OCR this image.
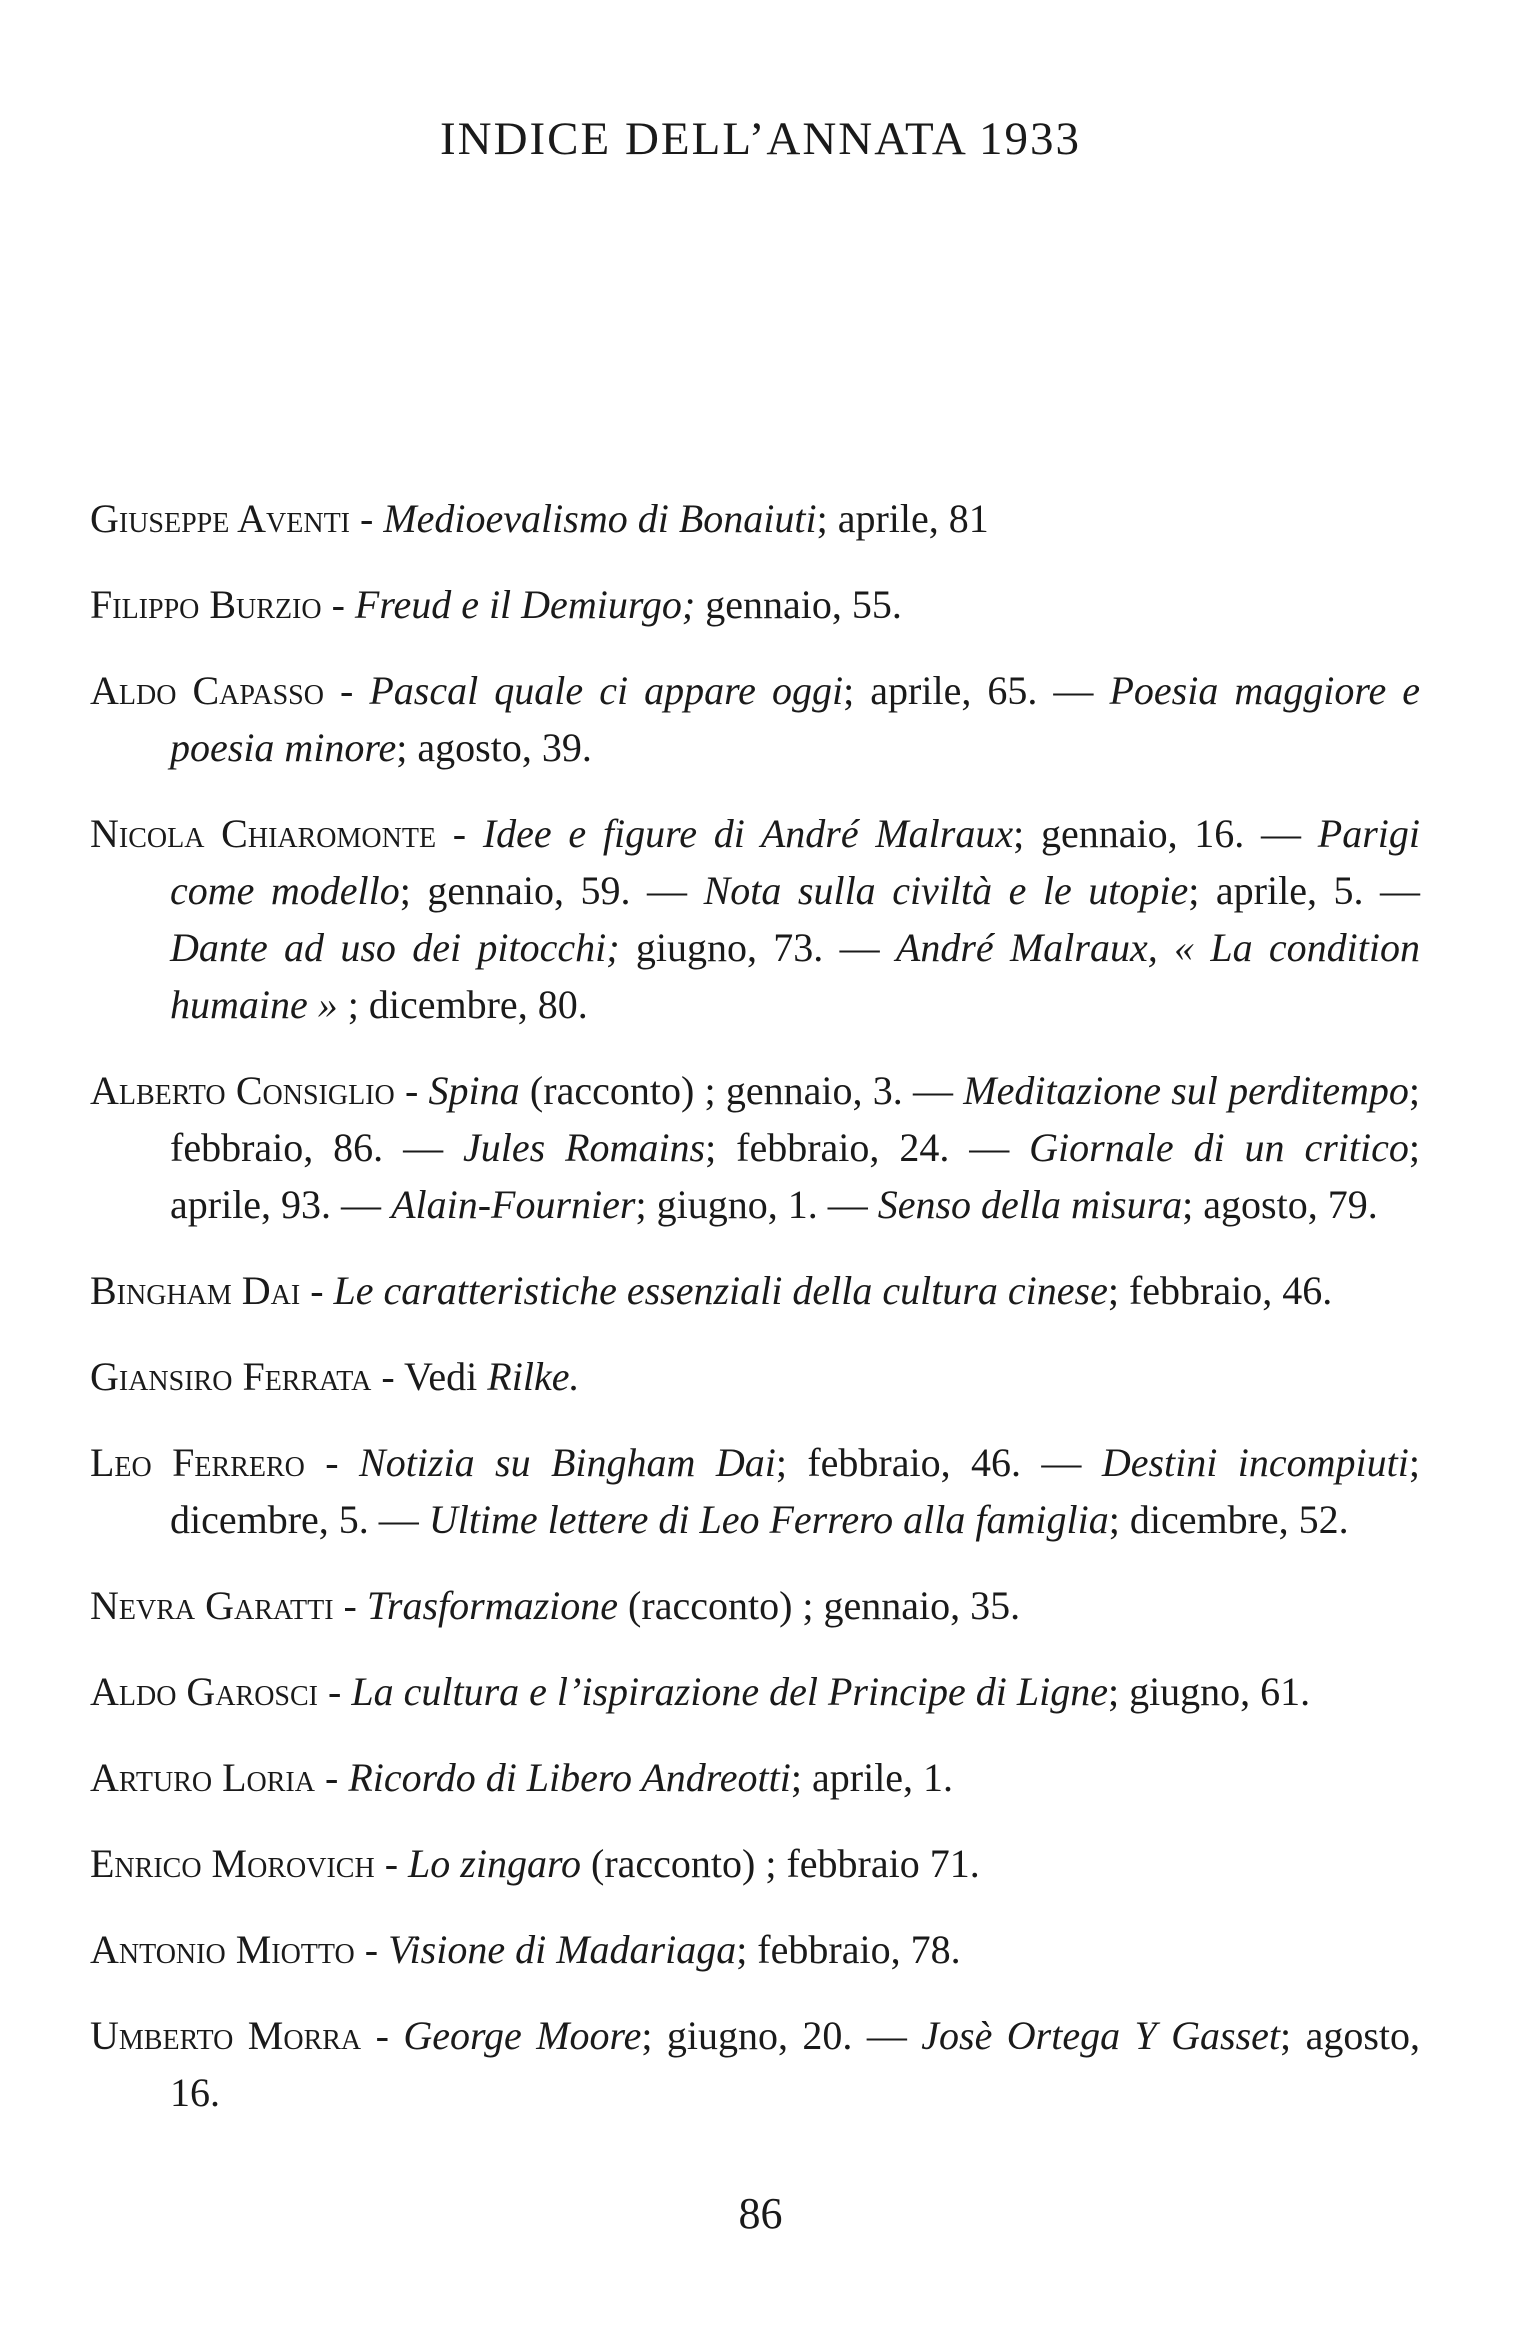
INDICE DELL’ANNATA 1933

Giuseppe Aventi - Medioevalismo di Bonaiuti; aprile, 81

Filippo Burzio - Freud e il Demiurgo; gennaio, 55.

Aldo Capasso - Pascal quale ci appare oggi; aprile, 65. — Poesia maggiore e poesia minore; agosto, 39.

Nicola Chiaromonte - Idee e figure di André Malraux; gennaio, 16. — Parigi come modello; gennaio, 59. — Nota sulla civiltà e le utopie; aprile, 5. — Dante ad uso dei pitocchi; giugno, 73. — André Malraux, « La condition humaine » ; dicembre, 80.

Alberto Consiglio - Spina (racconto) ; gennaio, 3. — Meditazione sul perditempo; febbraio, 86. — Jules Romains; febbraio, 24. — Giornale di un critico; aprile, 93. — Alain-Fournier; giugno, 1. — Senso della misura; agosto, 79.

Bingham Dai - Le caratteristiche essenziali della cultura cinese; febbraio, 46.

Giansiro Ferrata - Vedi Rilke.

Leo Ferrero - Notizia su Bingham Dai; febbraio, 46. — Destini incompiuti; dicembre, 5. — Ultime lettere di Leo Ferrero alla famiglia; dicembre, 52.

Nevra Garatti - Trasformazione (racconto) ; gennaio, 35.

Aldo Garosci - La cultura e l’ispirazione del Principe di Ligne; giugno, 61.

Arturo Loria - Ricordo di Libero Andreotti; aprile, 1.

Enrico Morovich - Lo zingaro (racconto) ; febbraio 71.

Antonio Miotto - Visione di Madariaga; febbraio, 78.

Umberto Morra - George Moore; giugno, 20. — Josè Ortega Y Gasset; agosto, 16.

86
